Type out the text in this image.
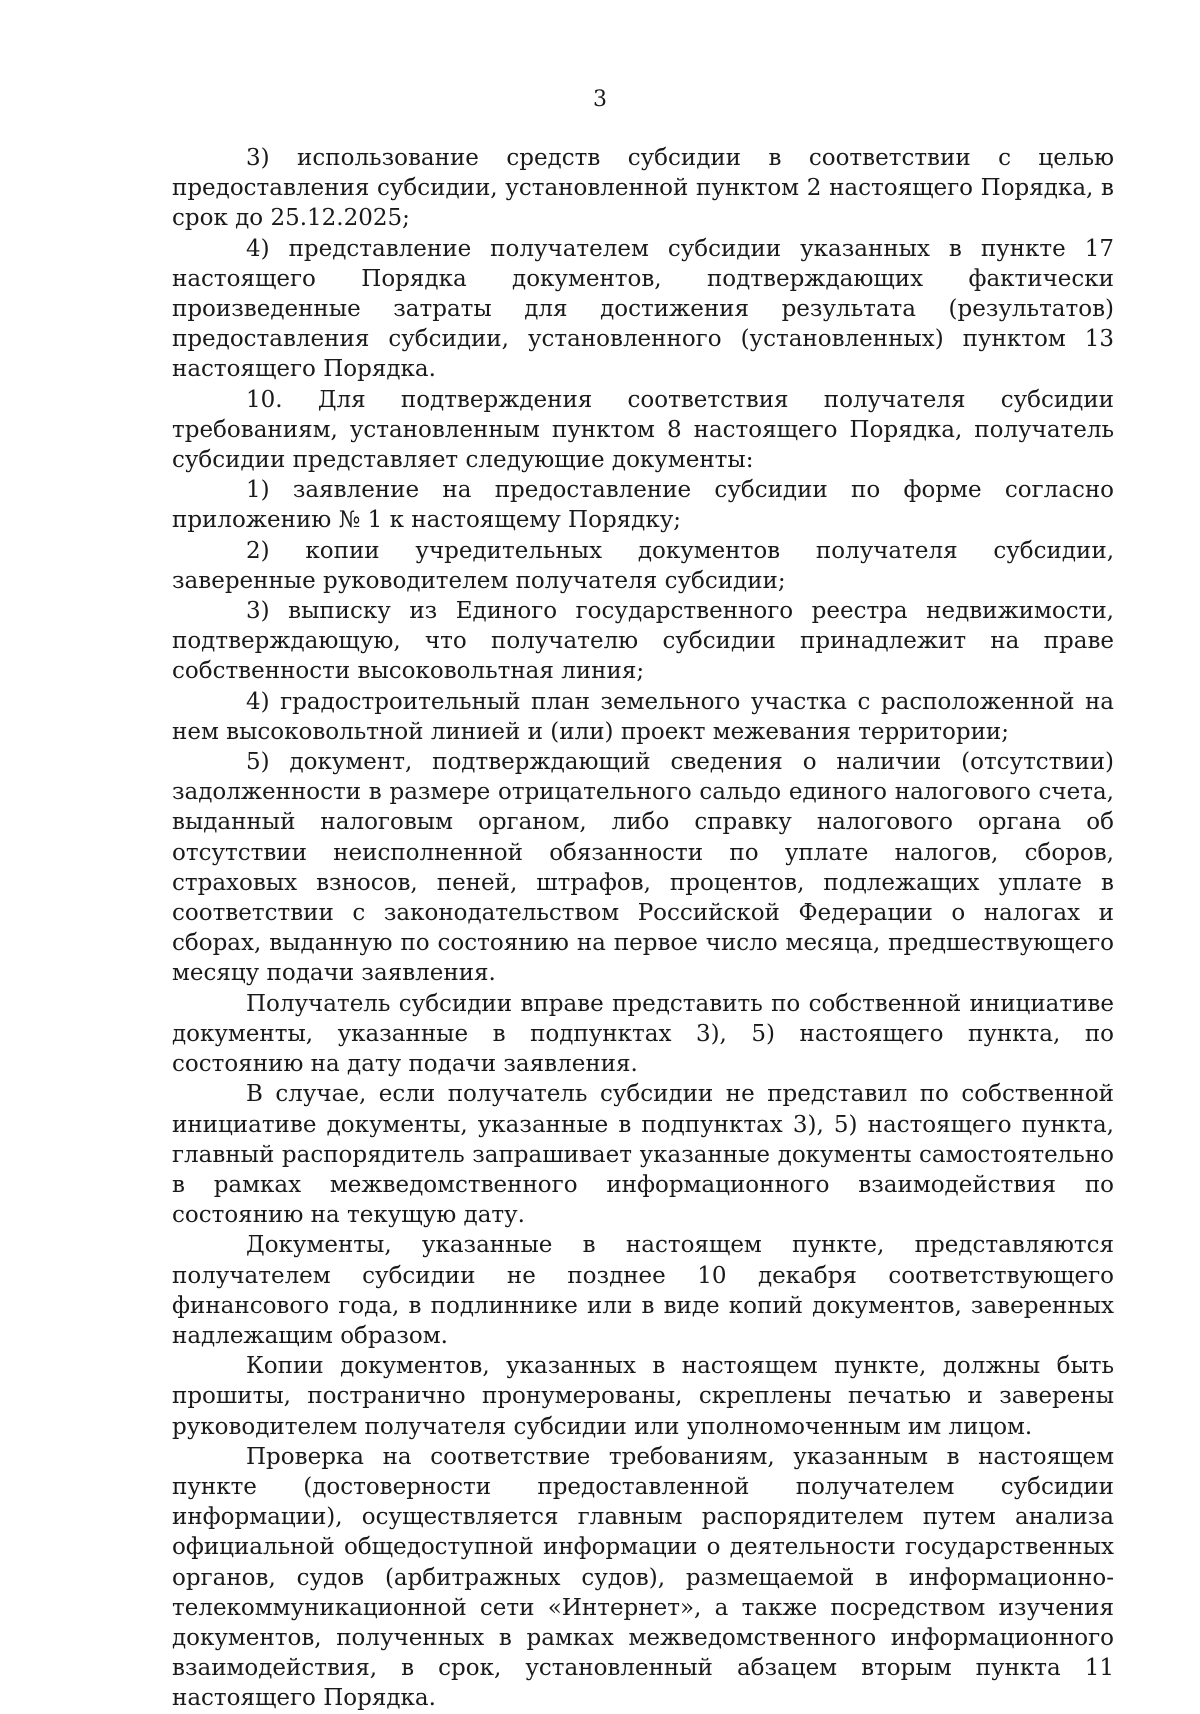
3

3) использование средств субсидии в соответствии с целью предоставления субсидии, установленной пунктом 2 настоящего Порядка, в срок до 25.12.2025;

4) представление получателем субсидии указанных в пункте 17 настоящего Порядка документов, подтверждающих фактически произведенные затраты для достижения результата (результатов) предоставления субсидии, установленного (установленных) пунктом 13 настоящего Порядка.

10. Для подтверждения соответствия получателя субсидии требованиям, установленным пунктом 8 настоящего Порядка, получатель субсидии представляет следующие документы:

1) заявление на предоставление субсидии по форме согласно приложению № 1 к настоящему Порядку;

2) копии учредительных документов получателя субсидии, заверенные руководителем получателя субсидии;

3) выписку из Единого государственного реестра недвижимости, подтверждающую, что получателю субсидии принадлежит на праве собственности высоковольтная линия;

4) градостроительный план земельного участка с расположенной на нем высоковольтной линией и (или) проект межевания территории;

5) документ, подтверждающий сведения о наличии (отсутствии) задолженности в размере отрицательного сальдо единого налогового счета, выданный налоговым органом, либо справку налогового органа об отсутствии неисполненной обязанности по уплате налогов, сборов, страховых взносов, пеней, штрафов, процентов, подлежащих уплате в соответствии с законодательством Российской Федерации о налогах и сборах, выданную по состоянию на первое число месяца, предшествующего месяцу подачи заявления.

Получатель субсидии вправе представить по собственной инициативе документы, указанные в подпунктах 3), 5) настоящего пункта, по состоянию на дату подачи заявления.

В случае, если получатель субсидии не представил по собственной инициативе документы, указанные в подпунктах 3), 5) настоящего пункта, главный распорядитель запрашивает указанные документы самостоятельно в рамках межведомственного информационного взаимодействия по состоянию на текущую дату.

Документы, указанные в настоящем пункте, представляются получателем субсидии не позднее 10 декабря соответствующего финансового года, в подлиннике или в виде копий документов, заверенных надлежащим образом.

Копии документов, указанных в настоящем пункте, должны быть прошиты, постранично пронумерованы, скреплены печатью и заверены руководителем получателя субсидии или уполномоченным им лицом.

Проверка на соответствие требованиям, указанным в настоящем пункте (достоверности предоставленной получателем субсидии информации), осуществляется главным распорядителем путем анализа официальной общедоступной информации о деятельности государственных органов, судов (арбитражных судов), размещаемой в информационно-телекоммуникационной сети «Интернет», а также посредством изучения документов, полученных в рамках межведомственного информационного взаимодействия, в срок, установленный абзацем вторым пункта 11 настоящего Порядка.
